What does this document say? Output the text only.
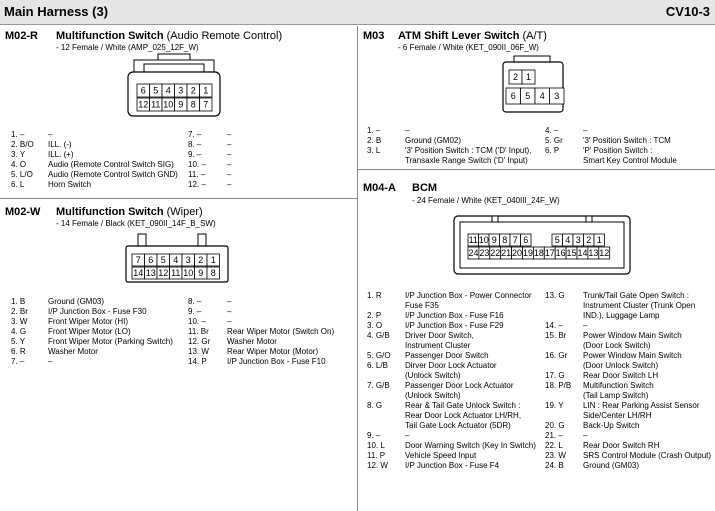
Main Harness (3)	CV10-3
M02-R Multifunction Switch (Audio Remote Control)
- 12 Female / White (AMP_025_12F_W)
6 5 4 3 2 1
12 11 10 9 8 7
1. –	–
2. B/O ILL. (-)
3. Y	ILL. (+)
4. O	Audio (Remote Control Switch SIG)
5. L/O Audio (Remote Control Switch GND)
6. L	Horn Switch
7. –	–
8. –	–
9. –	–
10. –	–
11. –	–
12. –	–
M02-W Multifunction Switch (Wiper)
- 14 Female / Black (KET_090II_14F_B_SW)
7 6 5 4 3 2 1
14 13 12 11 10 9 8
1. B	Ground (GM03)
2. Br	I/P Junction Box - Fuse F30
3. W	Front Wiper Motor (HI)
4. G	Front Wiper Motor (LO)
5. Y	Front Wiper Motor (Parking Switch)
6. R	Washer Motor
7. –	–
8. –	–
9. –	–
10. –	–
11. Br Rear Wiper Motor (Switch On)
12. Gr Washer Motor
13. W Rear Wiper Motor (Motor)
14. P	I/P Junction Box - Fuse F10
M03 ATM Shift Lever Switch (A/T)
- 6 Female / White (KET_090II_06F_W)
2 1
6 5 4 3
1. –	–
2. B	Ground (GM02)
3. L	'3' Position Switch : TCM ('D' Input),
Transaxle Range Switch ('D' Input)
4. –	–
5. Gr	'3' Position Switch : TCM
6. P	'P' Position Switch :
Smart Key Control Module
M04-A BCM
- 24 Female / White (KET_040III_24F_W)
11 10 9 8 7 6	5 4 3 2 1
24 23 22 21 20 19 18 17 16 15 14 13 12
1. R	I/P Junction Box - Power Connector
Fuse F35
2. P	I/P Junction Box - Fuse F16
3. O	I/P Junction Box - Fuse F29
4. G/B Driver Door Switch,
Instrument Cluster
5. G/O Passenger Door Switch
6. L/B Dirver Door Lock Actuator
(Unlock Switch)
7. G/B Passenger Door Lock Actuator
(Unlock Switch)
8. G	Rear & Tail Gate Unlock Switch :
Rear Door Lock Actuator LH/RH,
Tail Gate Lock Actuator (5DR)
9. –	–
10. L	Door Warning Switch (Key In Switch)
11. P Vehicle Speed Input
12. W I/P Junction Box - Fuse F4
13. G Trunk/Tail Gate Open Switch :
Instrument Cluster (Trunk Open
IND.), Luggage Lamp
14. –	–
15. Br Power Window Main Switch
(Door Lock Switch)
16. Gr Power Window Main Switch
(Door Unlock Switch)
17. G Rear Door Switch LH
18. P/B Multifunction Switch
(Tail Lamp Switch)
19. Y LIN : Rear Parking Assist Sensor
Side/Center LH/RH
20. G Back-Up Switch
21. –	–
22. L	Rear Door Switch RH
23. W SRS Control Module (Crash Output)
24. B Ground (GM03)
